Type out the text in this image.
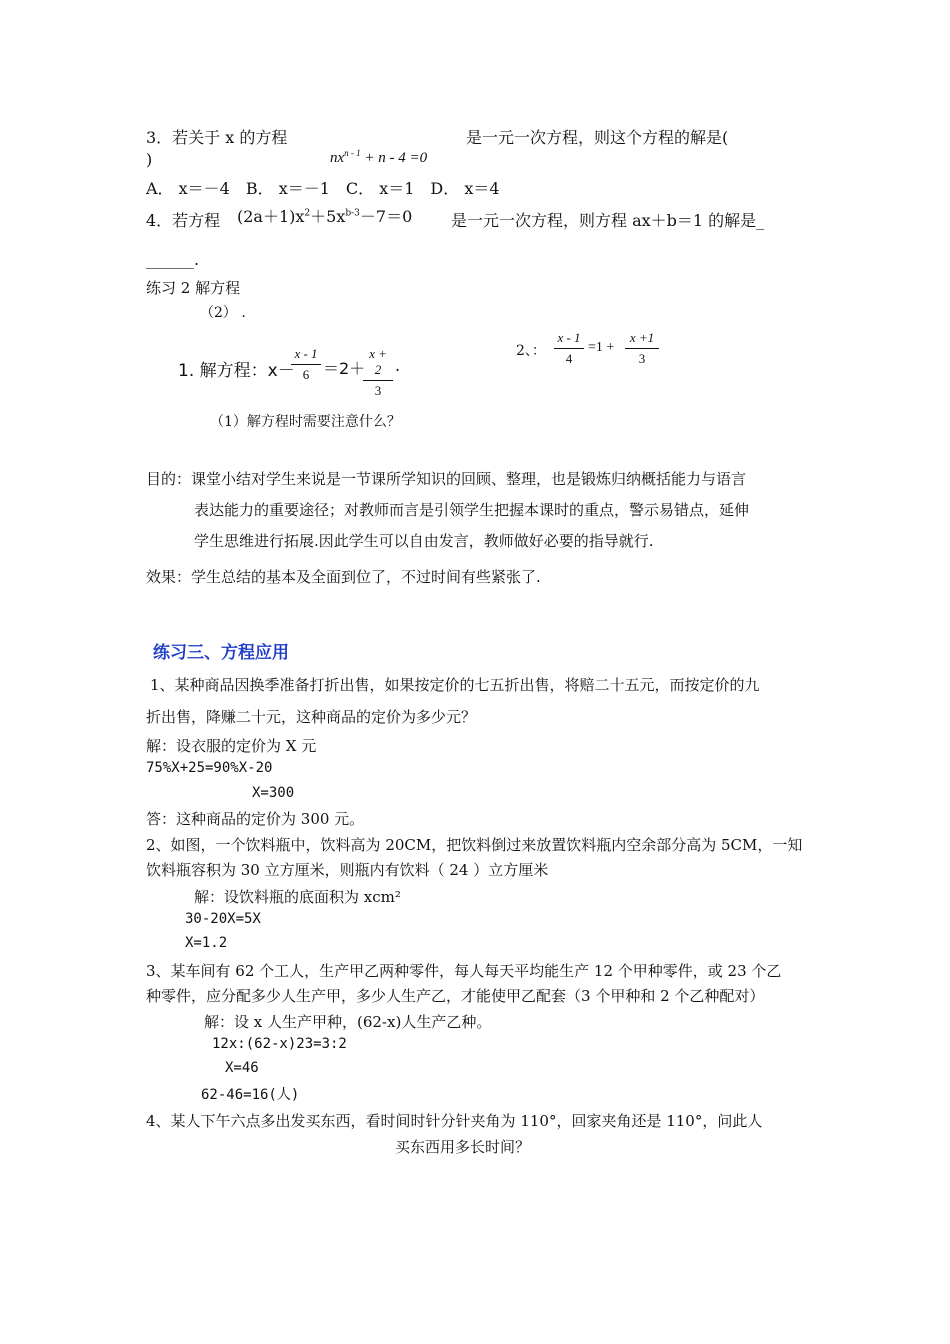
3．若关于 x 的方程
$nx^{n - 1} + n - 4 =0$
是一元一次方程，则这个方程的解是(
)
A． x＝－4　B． x＝－1　C． x＝1　D． x＝4
4．若方程 $(2a+1)x^2+5x^{b-3}-7=0$ 是一元一次方程，则方程 ax＋b＝1 的解是_
______.
练习 2 解方程
（2） .
1. 解方程：x－
x - 1
6 ＝2＋
x + 2
3
.
2、：
x - 1
4
=1 +
x +1
3
（1）解方程时需要注意什么？
目的：课堂小结对学生来说是一节课所学知识的回顾、整理，也是锻炼归纳概括能力与语言
表达能力的重要途径；对教师而言是引领学生把握本课时的重点，警示易错点，延伸
学生思维进行拓展.因此学生可以自由发言，教师做好必要的指导就行.
效果：学生总结的基本及全面到位了，不过时间有些紧张了.
练习三、方程应用
1、某种商品因换季准备打折出售，如果按定价的七五折出售，将赔二十五元，而按定价的九
折出售，降赚二十元，这种商品的定价为多少元？
解：设衣服的定价为 X 元
75%X+25=90%X-20
X=300
答：这种商品的定价为 300 元。
2、如图，一个饮料瓶中，饮料高为 20CM，把饮料倒过来放置饮料瓶内空余部分高为 5CM，一知
饮料瓶容积为 30 立方厘米，则瓶内有饮料（ 24 ）立方厘米
解：设饮料瓶的底面积为 xcm²
30-20X=5X
X=1.2
3、某车间有 62 个工人，生产甲乙两种零件，每人每天平均能生产 12 个甲种零件，或 23 个乙
种零件，应分配多少人生产甲，多少人生产乙，才能使甲乙配套（3 个甲种和 2 个乙种配对）
解：设 x 人生产甲种，(62-x)人生产乙种。
12x:(62-x)23=3:2
X=46
62-46=16(人)
4、某人下午六点多出发买东西，看时间时针分针夹角为 110°，回家夹角还是 110°，问此人
买东西用多长时间？
